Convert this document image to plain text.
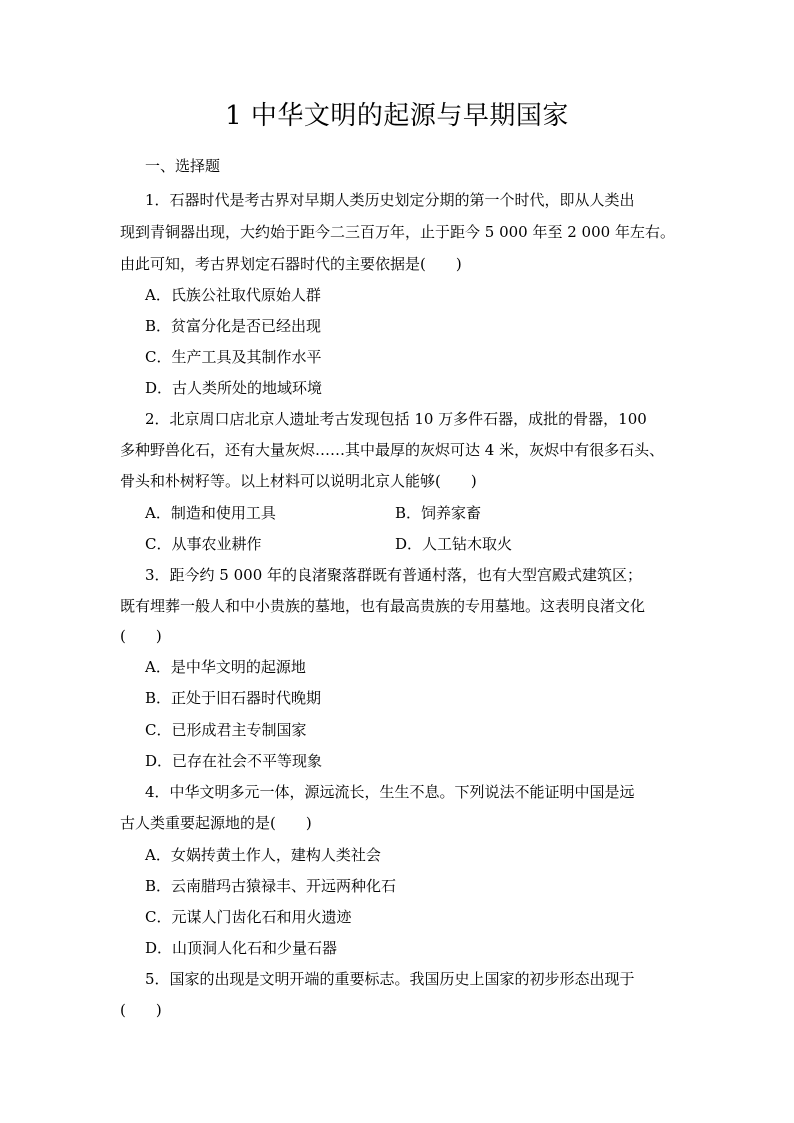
1 中华文明的起源与早期国家
一、选择题
1．石器时代是考古界对早期人类历史划定分期的第一个时代，即从人类出
现到青铜器出现，大约始于距今二三百万年，止于距今 5 000 年至 2 000 年左右。
由此可知，考古界划定石器时代的主要依据是(　　)
A．氏族公社取代原始人群
B．贫富分化是否已经出现
C．生产工具及其制作水平
D．古人类所处的地域环境
2．北京周口店北京人遗址考古发现包括 10 万多件石器，成批的骨器，100
多种野兽化石，还有大量灰烬……其中最厚的灰烬可达 4 米，灰烬中有很多石头、
骨头和朴树籽等。以上材料可以说明北京人能够(　　)
A．制造和使用工具	B．饲养家畜
C．从事农业耕作	D．人工钻木取火
3．距今约 5 000 年的良渚聚落群既有普通村落，也有大型宫殿式建筑区；
既有埋葬一般人和中小贵族的墓地，也有最高贵族的专用墓地。这表明良渚文化
(　　)
A．是中华文明的起源地
B．正处于旧石器时代晚期
C．已形成君主专制国家
D．已存在社会不平等现象
4．中华文明多元一体，源远流长，生生不息。下列说法不能证明中国是远
古人类重要起源地的是(　　)
A．女娲抟黄土作人，建构人类社会
B．云南腊玛古猿禄丰、开远两种化石
C．元谋人门齿化石和用火遗迹
D．山顶洞人化石和少量石器
5．国家的出现是文明开端的重要标志。我国历史上国家的初步形态出现于
(　　)
